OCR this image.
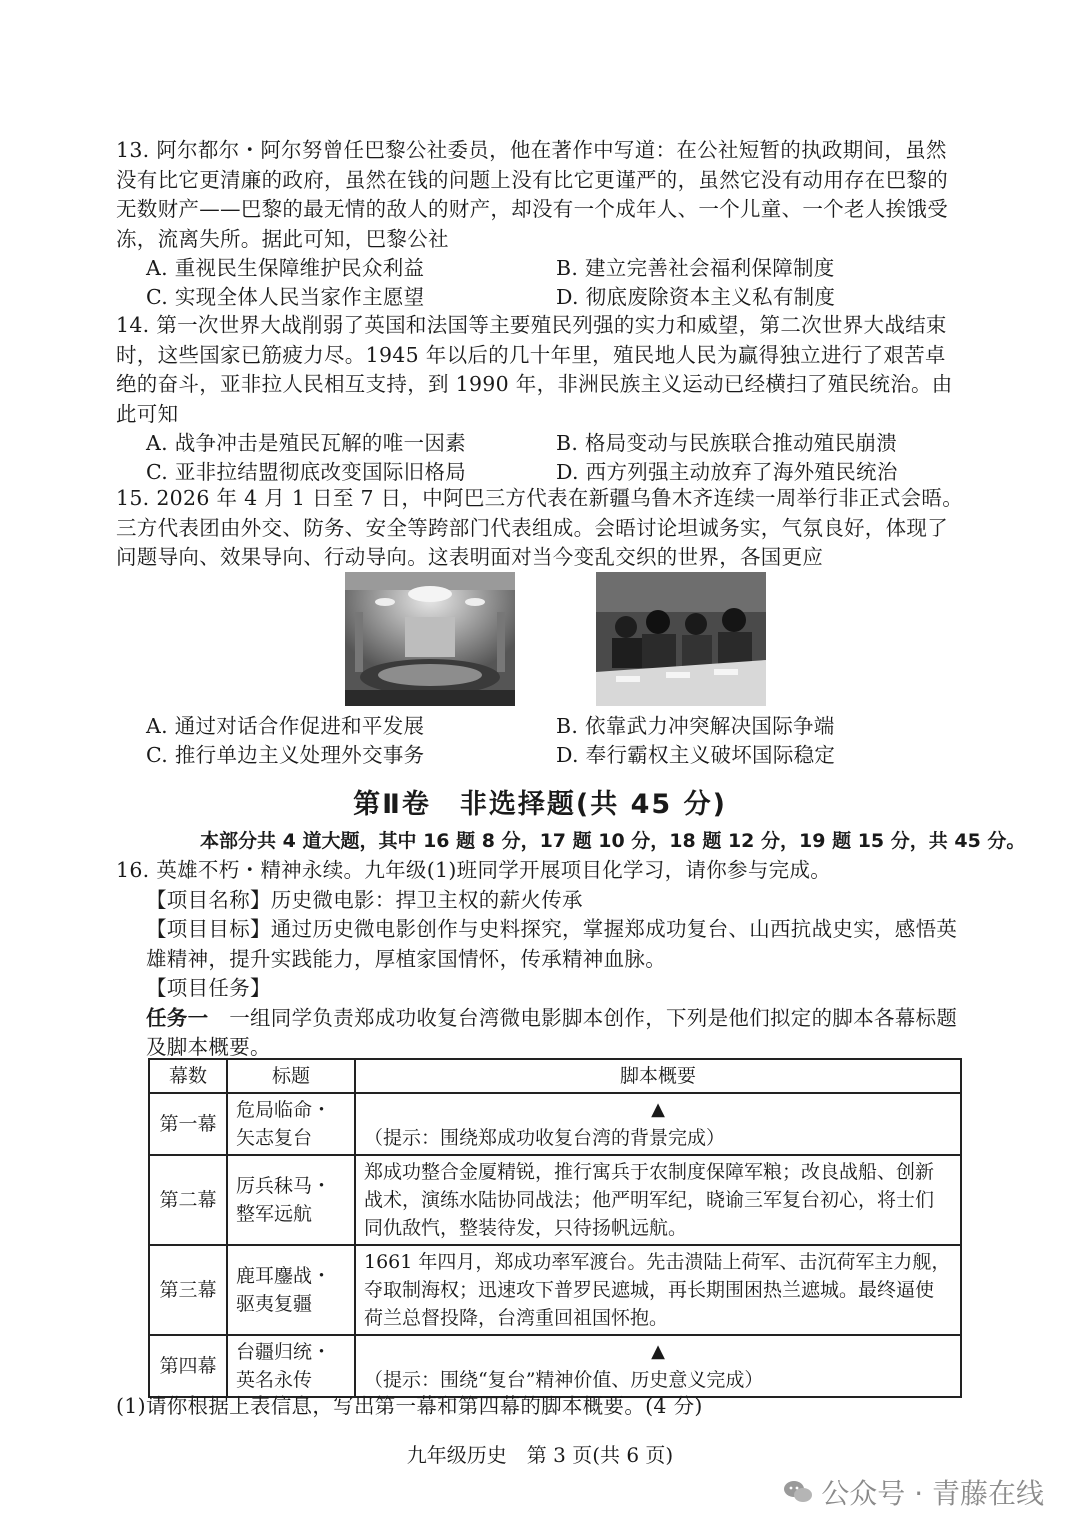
13. 阿尔都尔・阿尔努曾任巴黎公社委员，他在著作中写道：在公社短暂的执政期间，虽然没有比它更清廉的政府，虽然在钱的问题上没有比它更谨严的，虽然它没有动用存在巴黎的无数财产——巴黎的最无情的敌人的财产，却没有一个成年人、一个儿童、一个老人挨饿受冻，流离失所。据此可知，巴黎公社
A. 重视民生保障维护民众利益	B. 建立完善社会福利保障制度
C. 实现全体人民当家作主愿望	D. 彻底废除资本主义私有制度
14. 第一次世界大战削弱了英国和法国等主要殖民列强的实力和威望，第二次世界大战结束时，这些国家已筋疲力尽。1945 年以后的几十年里，殖民地人民为赢得独立进行了艰苦卓绝的奋斗，亚非拉人民相互支持，到 1990 年，非洲民族主义运动已经横扫了殖民统治。由此可知
A. 战争冲击是殖民瓦解的唯一因素	B. 格局变动与民族联合推动殖民崩溃
C. 亚非拉结盟彻底改变国际旧格局	D. 西方列强主动放弃了海外殖民统治
15. 2026 年 4 月 1 日至 7 日，中阿巴三方代表在新疆乌鲁木齐连续一周举行非正式会晤。三方代表团由外交、防务、安全等跨部门代表组成。会晤讨论坦诚务实，气氛良好，体现了问题导向、效果导向、行动导向。这表明面对当今变乱交织的世界，各国更应
A. 通过对话合作促进和平发展	B. 依靠武力冲突解决国际争端
C. 推行单边主义处理外交事务	D. 奉行霸权主义破坏国际稳定
第Ⅱ卷　非选择题(共 45 分)
本部分共 4 道大题，其中 16 题 8 分，17 题 10 分，18 题 12 分，19 题 15 分，共 45 分。
16. 英雄不朽・精神永续。九年级(1)班同学开展项目化学习，请你参与完成。
【项目名称】历史微电影：捍卫主权的薪火传承
【项目目标】通过历史微电影创作与史料探究，掌握郑成功复台、山西抗战史实，感悟英雄精神，提升实践能力，厚植家国情怀，传承精神血脉。
【项目任务】
任务一　一组同学负责郑成功收复台湾微电影脚本创作，下列是他们拟定的脚本各幕标题及脚本概要。
幕数	标题	脚本概要
第一幕	危局临命・矢志复台	▲
（提示：围绕郑成功收复台湾的背景完成）

第二幕	厉兵秣马・整军远航	郑成功整合金厦精锐，推行寓兵于农制度保障军粮；改良战船、创新战术，演练水陆协同战法；他严明军纪，晓谕三军复台初心，将士们同仇敌忾，整装待发，只待扬帆远航。
第三幕	鹿耳鏖战・驱夷复疆	1661 年四月，郑成功率军渡台。先击溃陆上荷军、击沉荷军主力舰，夺取制海权；迅速攻下普罗民遮城，再长期围困热兰遮城。最终逼使荷兰总督投降，台湾重回祖国怀抱。
第四幕	台疆归统・英名永传	▲
（提示：围绕“复台”精神价值、历史意义完成）
(1)请你根据上表信息，写出第一幕和第四幕的脚本概要。(4 分)
九年级历史　第 3 页(共 6 页)
公众号 · 青藤在线
